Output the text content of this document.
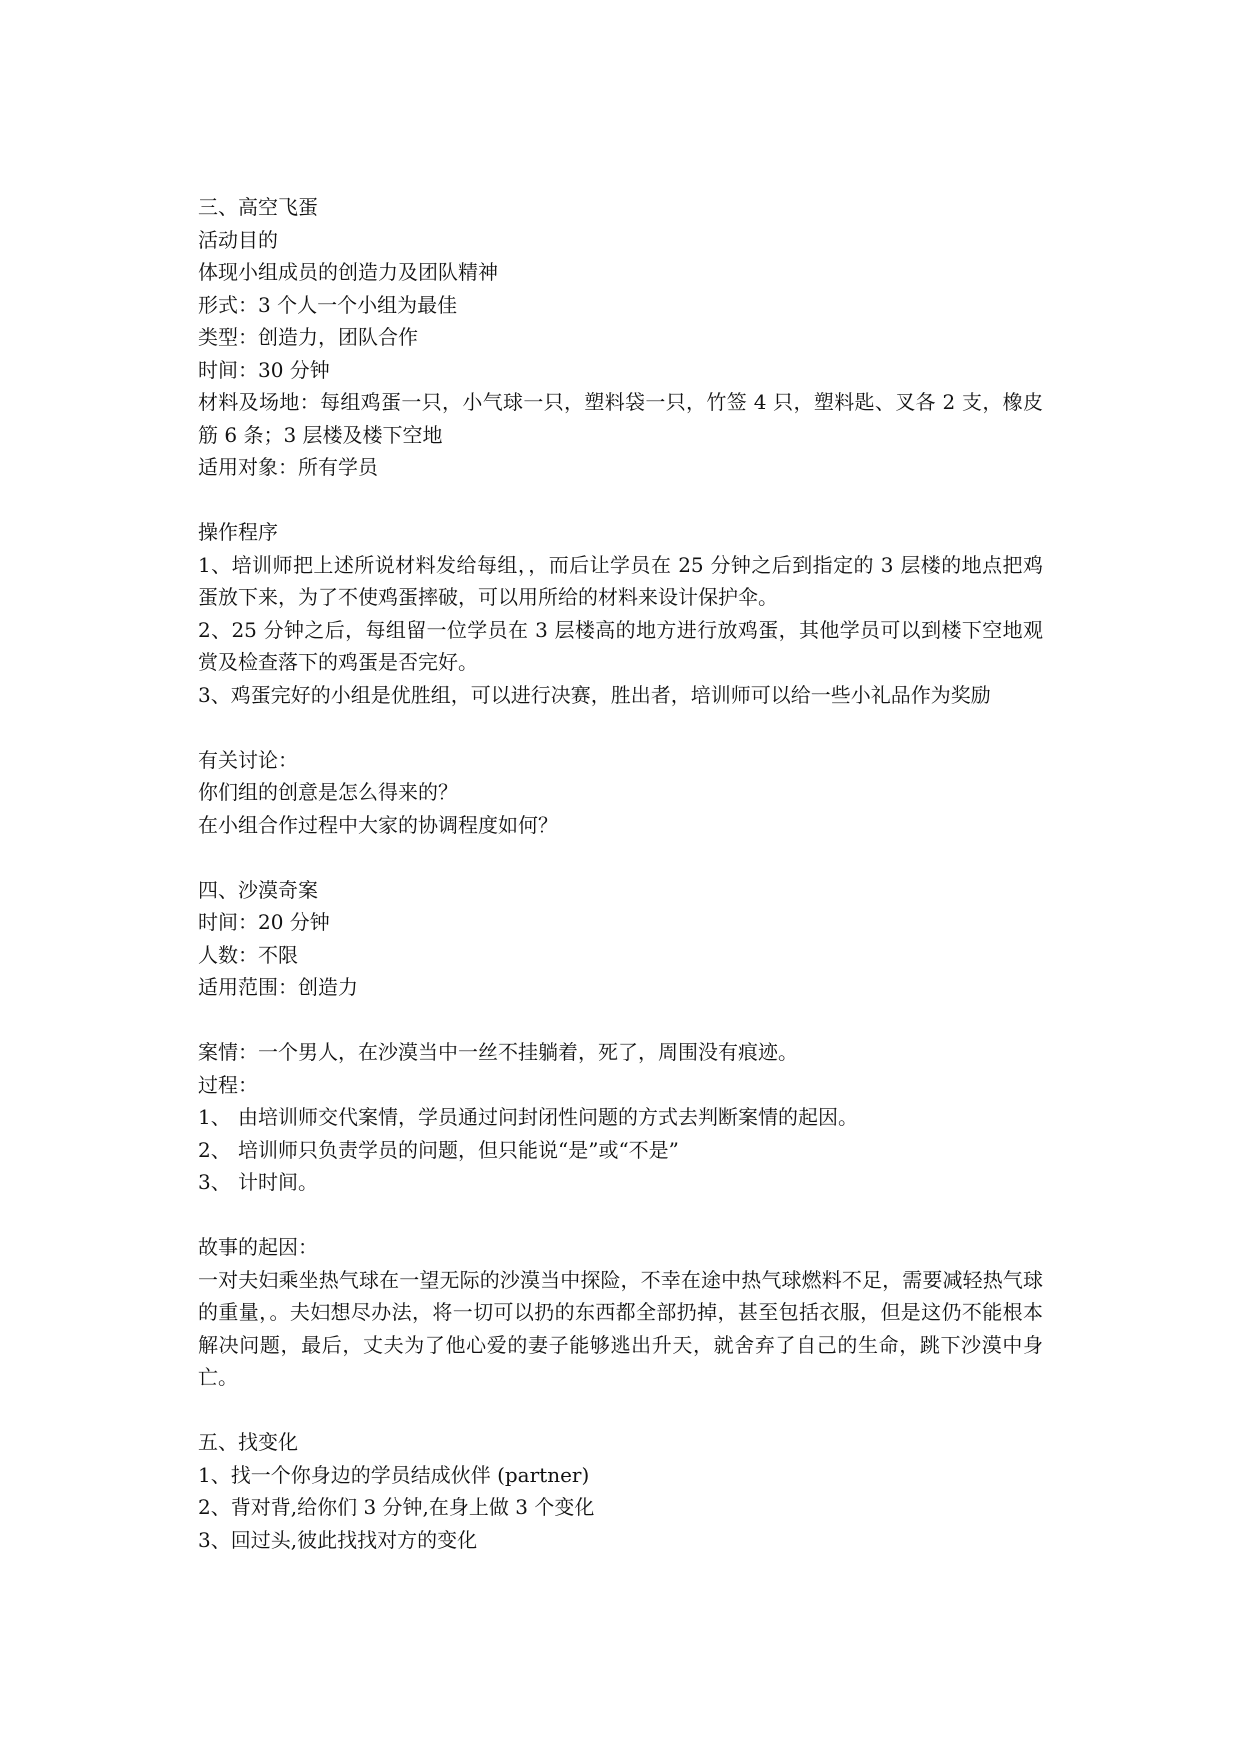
三、高空飞蛋
活动目的
体现小组成员的创造力及团队精神
形式：3 个人一个小组为最佳
类型：创造力，团队合作
时间：30 分钟
材料及场地：每组鸡蛋一只，小气球一只，塑料袋一只，竹签 4 只，塑料匙、叉各 2 支，橡皮筋 6 条；3 层楼及楼下空地
适用对象：所有学员
操作程序
1、培训师把上述所说材料发给每组，，而后让学员在 25 分钟之后到指定的 3 层楼的地点把鸡蛋放下来，为了不使鸡蛋摔破，可以用所给的材料来设计保护伞。
2、25 分钟之后，每组留一位学员在 3 层楼高的地方进行放鸡蛋，其他学员可以到楼下空地观赏及检查落下的鸡蛋是否完好。
3、鸡蛋完好的小组是优胜组，可以进行决赛，胜出者，培训师可以给一些小礼品作为奖励
有关讨论：
你们组的创意是怎么得来的？
在小组合作过程中大家的协调程度如何？
四、沙漠奇案
时间：20 分钟
人数：不限
适用范围：创造力
案情：一个男人，在沙漠当中一丝不挂躺着，死了，周围没有痕迹。
过程：
1、 由培训师交代案情，学员通过问封闭性问题的方式去判断案情的起因。
2、 培训师只负责学员的问题，但只能说“是”或“不是”
3、 计时间。
故事的起因：
一对夫妇乘坐热气球在一望无际的沙漠当中探险，不幸在途中热气球燃料不足，需要减轻热气球的重量，。夫妇想尽办法，将一切可以扔的东西都全部扔掉，甚至包括衣服，但是这仍不能根本解决问题，最后，丈夫为了他心爱的妻子能够逃出升天，就舍弃了自己的生命，跳下沙漠中身亡。
五、找变化
1、找一个你身边的学员结成伙伴 (partner)
2、背对背,给你们 3 分钟,在身上做 3 个变化
3、回过头,彼此找找对方的变化
